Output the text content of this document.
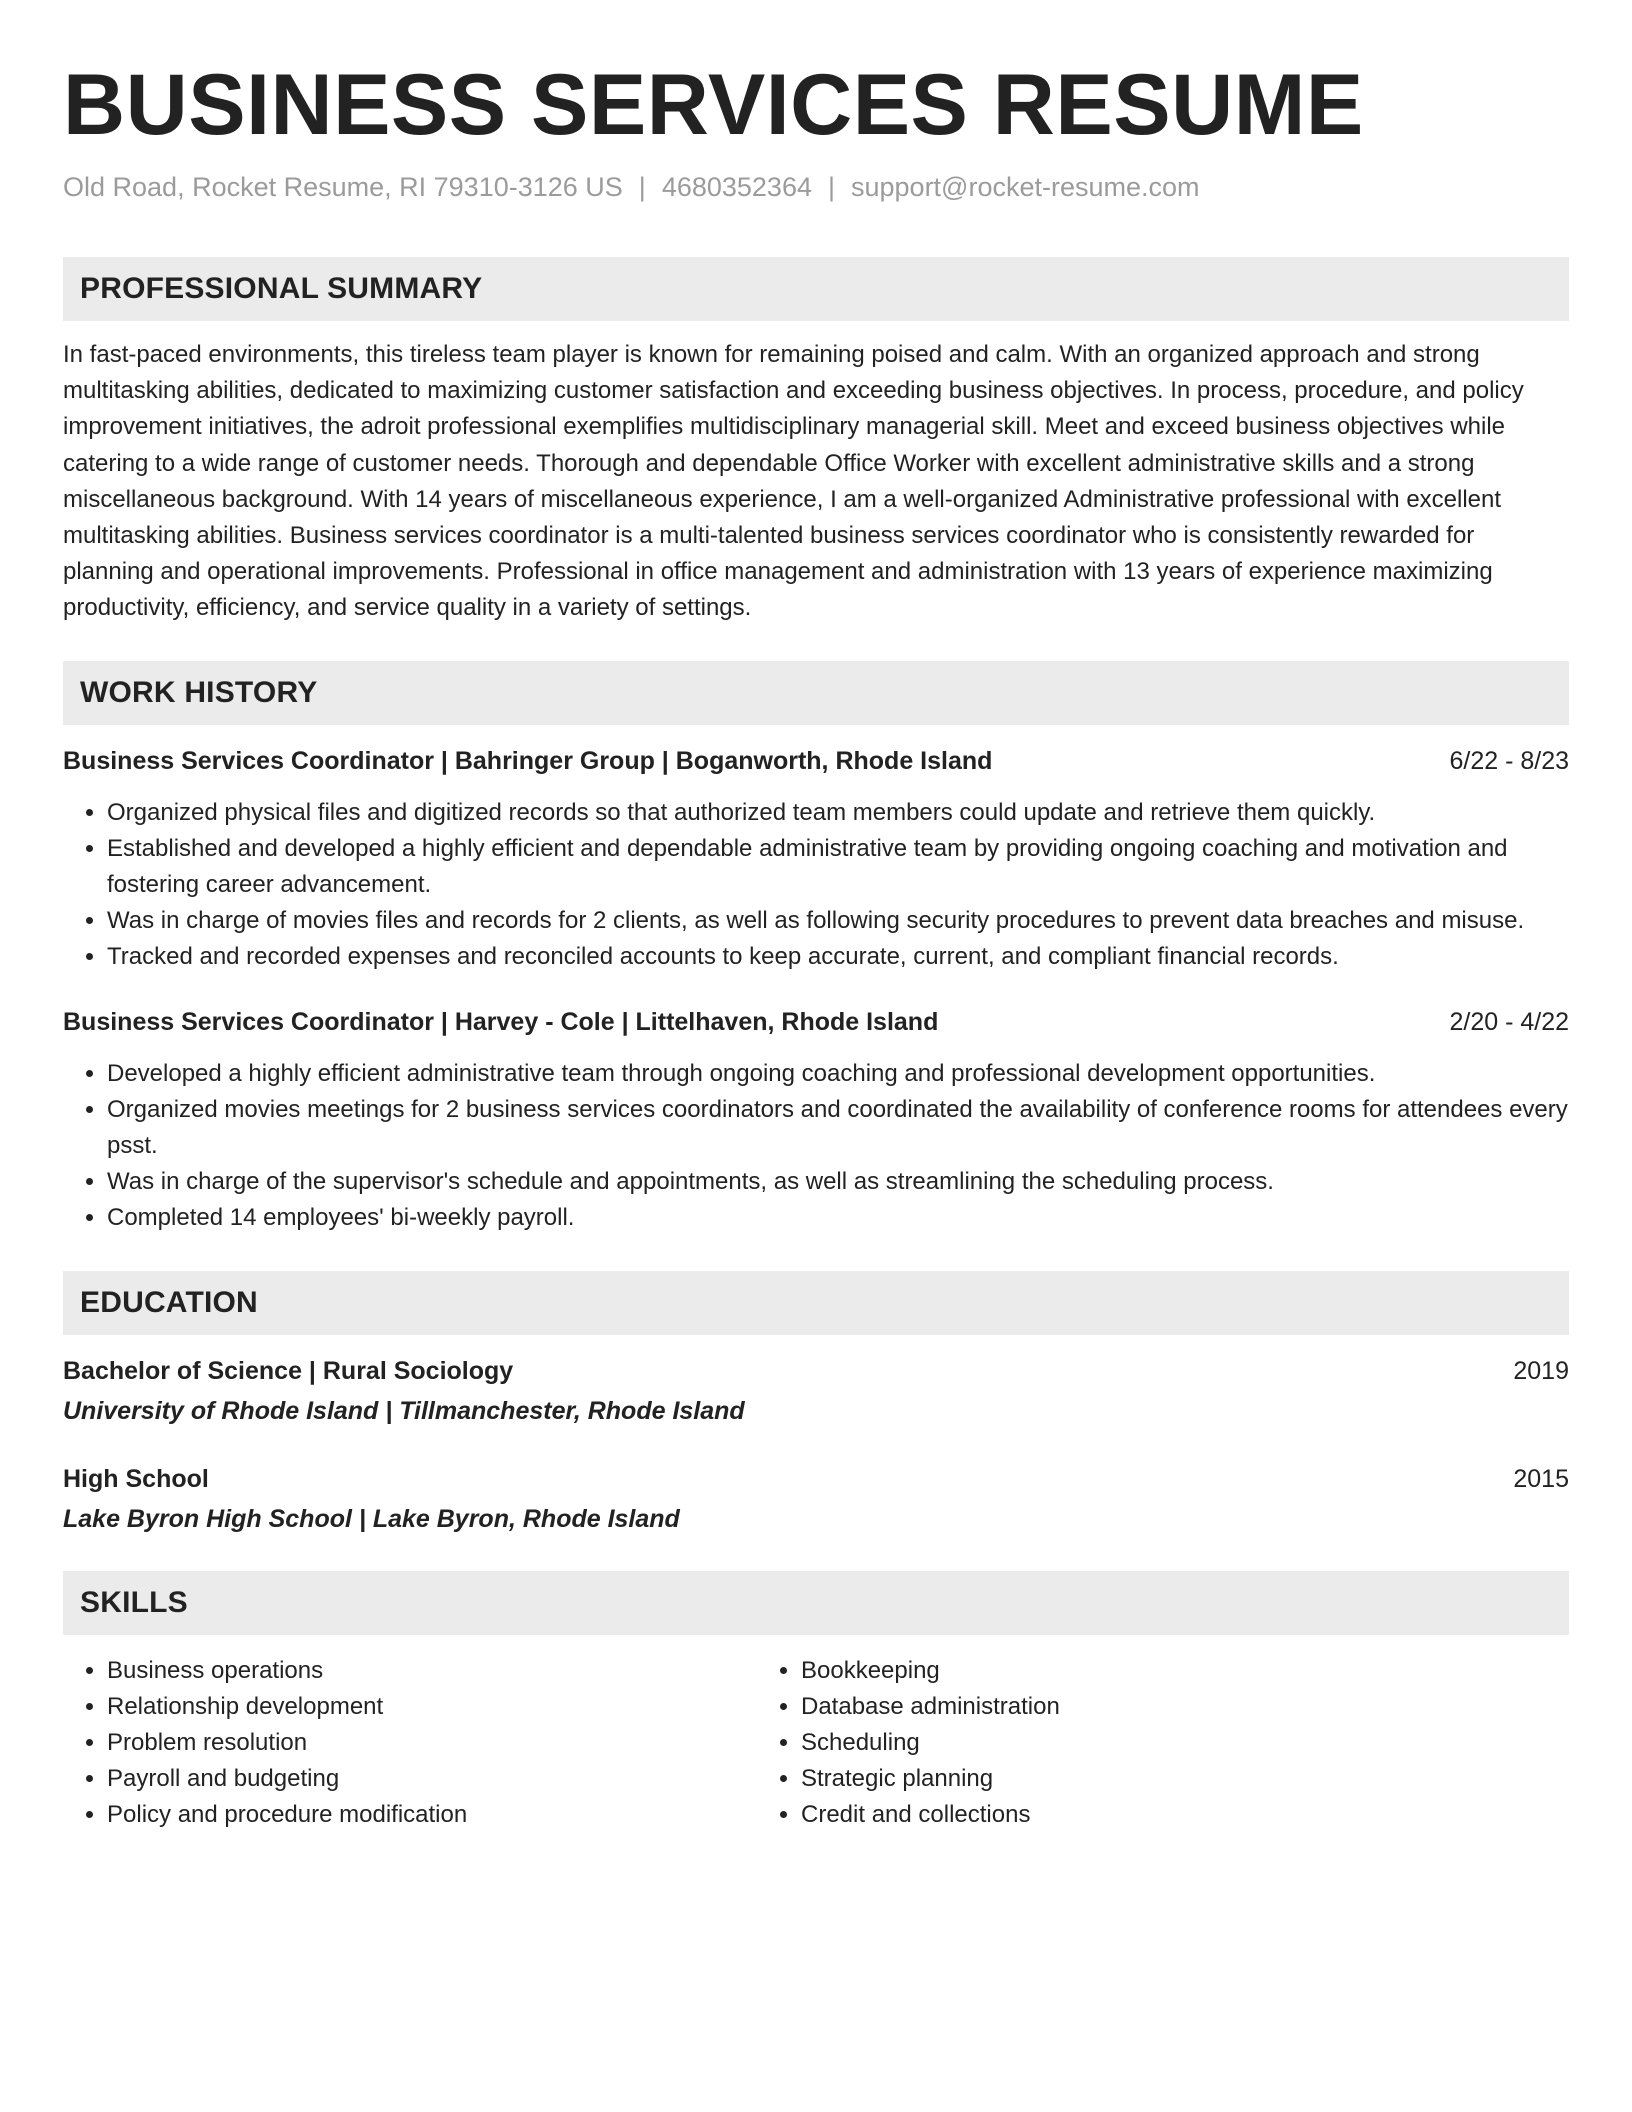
BUSINESS SERVICES RESUME
Old Road, Rocket Resume, RI 79310-3126 US | 4680352364 | support@rocket-resume.com
PROFESSIONAL SUMMARY

In fast-paced environments, this tireless team player is known for remaining poised and calm. With an organized approach and strong multitasking abilities, dedicated to maximizing customer satisfaction and exceeding business objectives. In process, procedure, and policy improvement initiatives, the adroit professional exemplifies multidisciplinary managerial skill. Meet and exceed business objectives while catering to a wide range of customer needs. Thorough and dependable Office Worker with excellent administrative skills and a strong miscellaneous background. With 14 years of miscellaneous experience, I am a well-organized Administrative professional with excellent multitasking abilities. Business services coordinator is a multi-talented business services coordinator who is consistently rewarded for planning and operational improvements. Professional in office management and administration with 13 years of experience maximizing productivity, efficiency, and service quality in a variety of settings.

WORK HISTORY
Business Services Coordinator | Bahringer Group | Boganworth, Rhode Island	6/22 - 8/23
• Organized physical files and digitized records so that authorized team members could update and retrieve them quickly.
• Established and developed a highly efficient and dependable administrative team by providing ongoing coaching and motivation and fostering career advancement.
• Was in charge of movies files and records for 2 clients, as well as following security procedures to prevent data breaches and misuse.
• Tracked and recorded expenses and reconciled accounts to keep accurate, current, and compliant financial records.
Business Services Coordinator | Harvey - Cole | Littelhaven, Rhode Island	2/20 - 4/22
• Developed a highly efficient administrative team through ongoing coaching and professional development opportunities.
• Organized movies meetings for 2 business services coordinators and coordinated the availability of conference rooms for attendees every psst.
• Was in charge of the supervisor's schedule and appointments, as well as streamlining the scheduling process.
• Completed 14 employees' bi-weekly payroll.
EDUCATION
Bachelor of Science | Rural Sociology	2019
University of Rhode Island | Tillmanchester, Rhode Island
High School	2015
Lake Byron High School | Lake Byron, Rhode Island
SKILLS
• Business operations
• Relationship development
• Problem resolution
• Payroll and budgeting
• Policy and procedure modification
• Bookkeeping
• Database administration
• Scheduling
• Strategic planning
• Credit and collections
